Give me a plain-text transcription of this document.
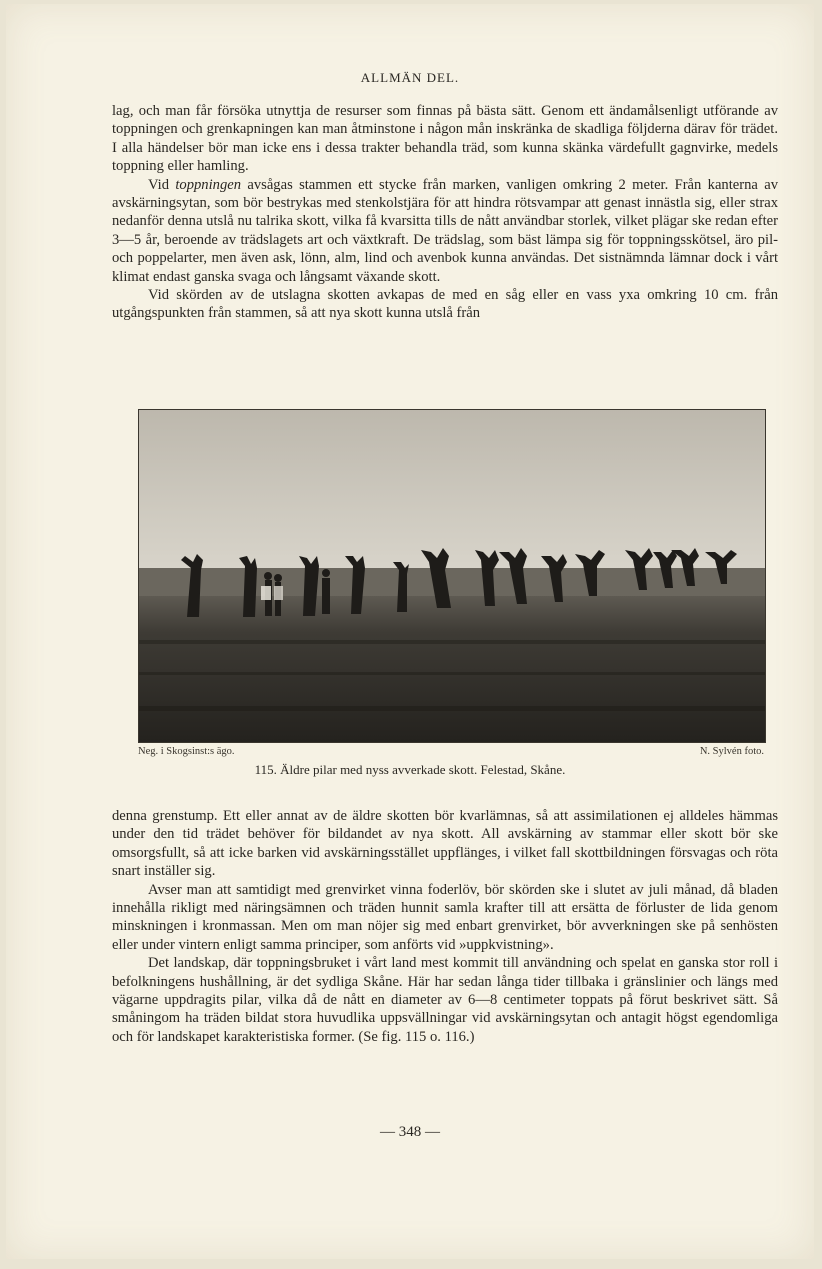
ALLMÄN DEL.

lag, och man får försöka utnyttja de resurser som finnas på bästa sätt. Genom ett ändamålsenligt utförande av toppningen och grenkapningen kan man åtminstone i någon mån inskränka de skadliga följderna därav för trädet. I alla händelser bör man icke ens i dessa trakter behandla träd, som kunna skänka värdefullt gagnvirke, medels toppning eller hamling.

Vid toppningen avsågas stammen ett stycke från marken, vanligen omkring 2 meter. Från kanterna av avskärningsytan, som bör bestrykas med stenkolstjära för att hindra rötsvampar att genast innästla sig, eller strax nedanför denna utslå nu talrika skott, vilka få kvarsitta tills de nått användbar storlek, vilket plägar ske redan efter 3—5 år, beroende av trädslagets art och växtkraft. De trädslag, som bäst lämpa sig för toppningsskötsel, äro pil- och poppelarter, men även ask, lönn, alm, lind och avenbok kunna användas. Det sistnämnda lämnar dock i vårt klimat endast ganska svaga och långsamt växande skott.

Vid skörden av de utslagna skotten avkapas de med en såg eller en vass yxa omkring 10 cm. från utgångspunkten från stammen, så att nya skott kunna utslå från

Neg. i Skogsinst:s ägo.	N. Sylvén foto.
115. Äldre pilar med nyss avverkade skott. Felestad, Skåne.

denna grenstump. Ett eller annat av de äldre skotten bör kvarlämnas, så att assimilationen ej alldeles hämmas under den tid trädet behöver för bildandet av nya skott. All avskärning av stammar eller skott bör ske omsorgsfullt, så att icke barken vid avskärningsstället uppflänges, i vilket fall skottbildningen försvagas och röta snart inställer sig.

Avser man att samtidigt med grenvirket vinna foderlöv, bör skörden ske i slutet av juli månad, då bladen innehålla rikligt med näringsämnen och träden hunnit samla krafter till att ersätta de förluster de lida genom minskningen i kronmassan. Men om man nöjer sig med enbart grenvirket, bör avverkningen ske på senhösten eller under vintern enligt samma principer, som anförts vid »uppkvistning».

Det landskap, där toppningsbruket i vårt land mest kommit till användning och spelat en ganska stor roll i befolkningens hushållning, är det sydliga Skåne. Här har sedan långa tider tillbaka i gränslinier och längs med vägarne uppdragits pilar, vilka då de nått en diameter av 6—8 centimeter toppats på förut beskrivet sätt. Så småningom ha träden bildat stora huvudlika uppsvällningar vid avskärningsytan och antagit högst egendomliga och för landskapet karakteristiska former. (Se fig. 115 o. 116.)

— 348 —
